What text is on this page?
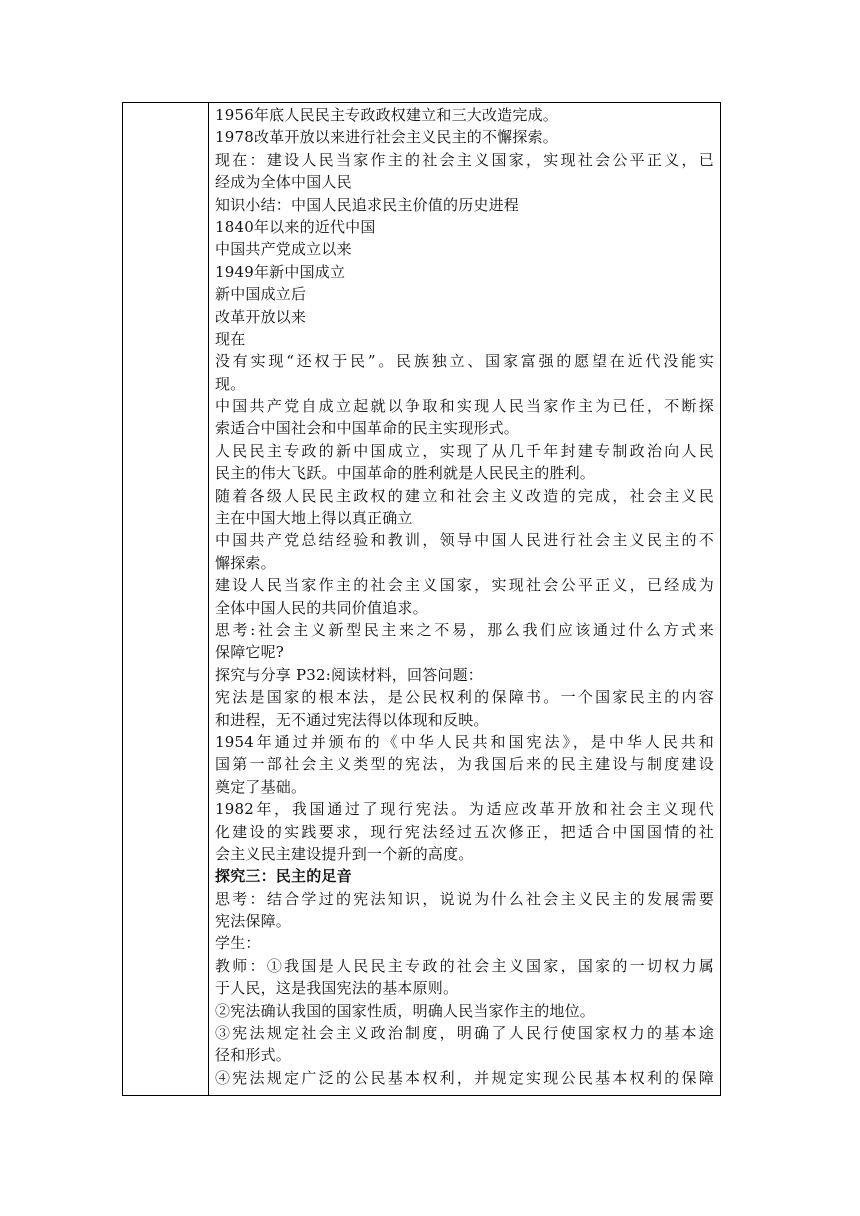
1956年底人民民主专政政权建立和三大改造完成。
1978改革开放以来进行社会主义民主的不懈探索。
现在：建设人民当家作主的社会主义国家，实现社会公平正义，已
经成为全体中国人民
知识小结：中国人民追求民主价值的历史进程
1840年以来的近代中国
中国共产党成立以来
1949年新中国成立
新中国成立后
改革开放以来
现在
没有实现“还权于民”。民族独立、国家富强的愿望在近代没能实
现。
中国共产党自成立起就以争取和实现人民当家作主为已任，不断探
索适合中国社会和中国革命的民主实现形式。
人民民主专政的新中国成立，实现了从几千年封建专制政治向人民
民主的伟大飞跃。中国革命的胜利就是人民民主的胜利。
随着各级人民民主政权的建立和社会主义改造的完成，社会主义民
主在中国大地上得以真正确立
中国共产党总结经验和教训，领导中国人民进行社会主义民主的不
懈探索。
建设人民当家作主的社会主义国家，实现社会公平正义，已经成为
全体中国人民的共同价值追求。
思考:社会主义新型民主来之不易，那么我们应该通过什么方式来
保障它呢?
探究与分享 P32:阅读材料，回答问题：
宪法是国家的根本法，是公民权利的保障书。一个国家民主的内容
和进程，无不通过宪法得以体现和反映。
1954年通过并颁布的《中华人民共和国宪法》，是中华人民共和
国第一部社会主义类型的宪法，为我国后来的民主建设与制度建设
奠定了基础。
1982年，我国通过了现行宪法。为适应改革开放和社会主义现代
化建设的实践要求，现行宪法经过五次修正，把适合中国国情的社
会主义民主建设提升到一个新的高度。
探究三：民主的足音
思考：结合学过的宪法知识，说说为什么社会主义民主的发展需要
宪法保障。
学生：
教师：①我国是人民民主专政的社会主义国家，国家的一切权力属
于人民，这是我国宪法的基本原则。
②宪法确认我国的国家性质，明确人民当家作主的地位。
③宪法规定社会主义政治制度，明确了人民行使国家权力的基本途
径和形式。
④宪法规定广泛的公民基本权利，并规定实现公民基本权利的保障
